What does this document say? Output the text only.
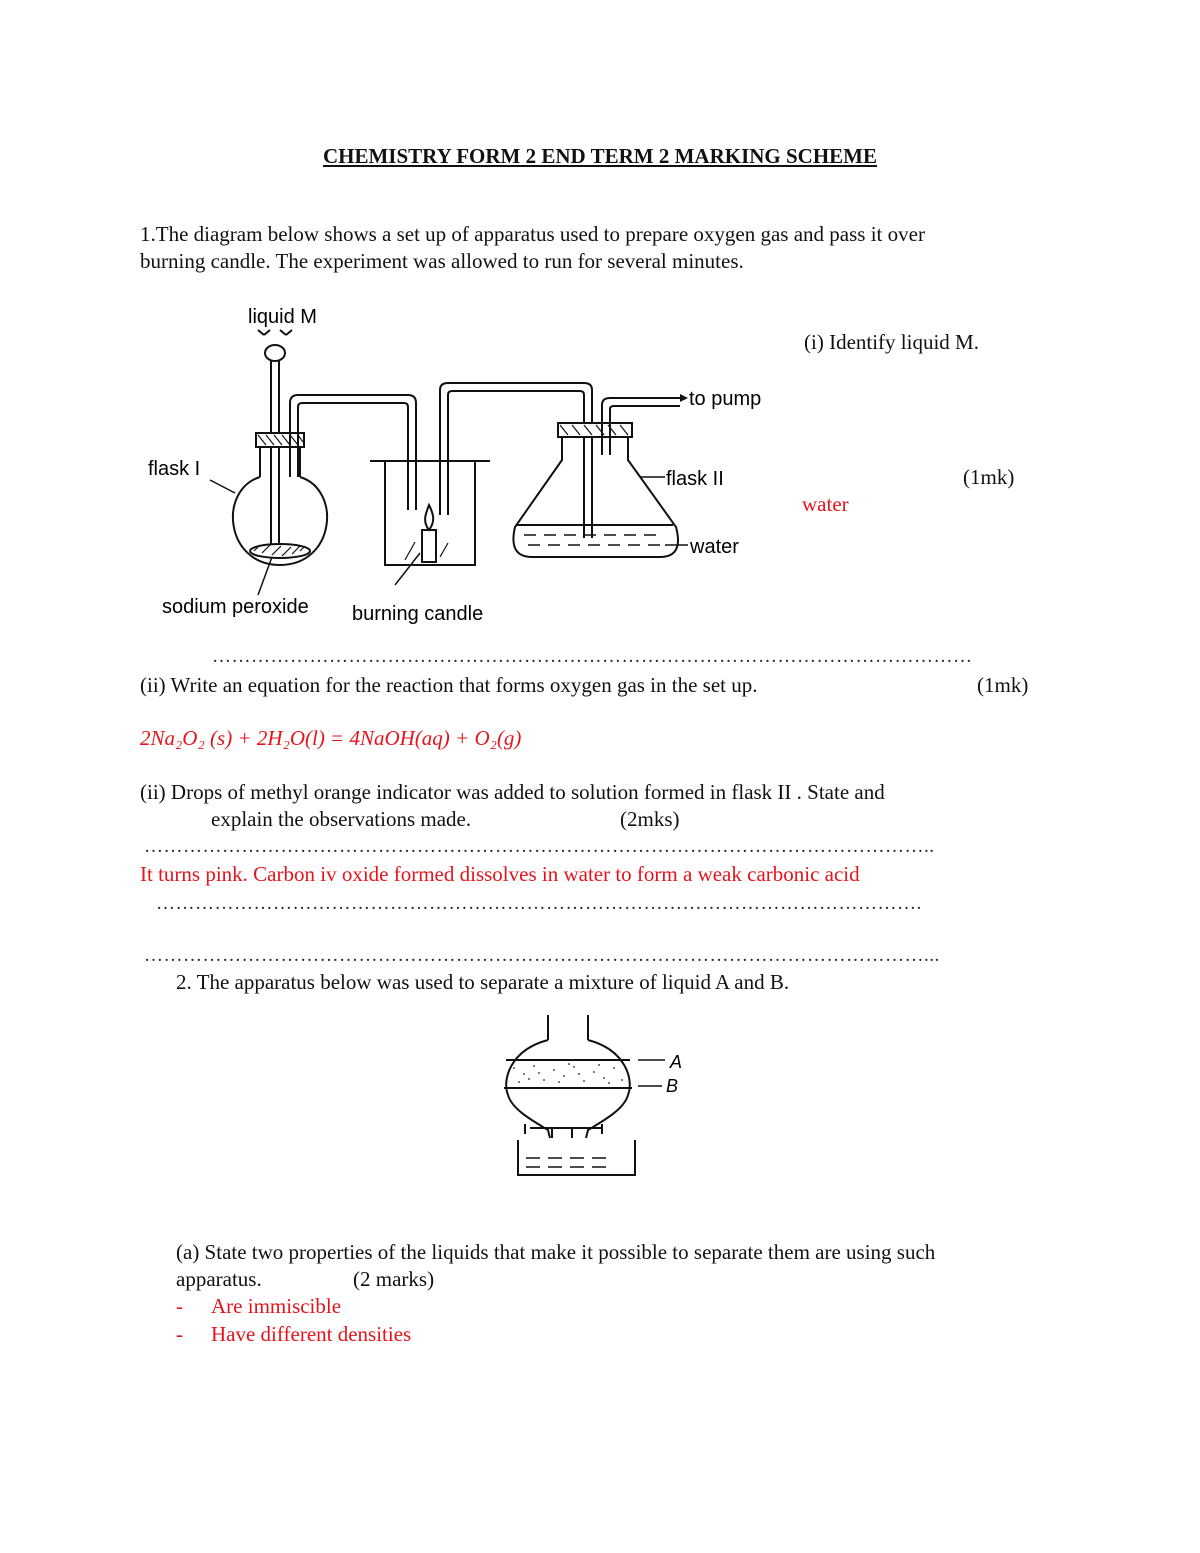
CHEMISTRY FORM 2 END TERM 2 MARKING SCHEME
1.The diagram below shows a set up of apparatus used to prepare oxygen gas and pass it over
burning candle. The experiment was allowed to run for several minutes.
liquid M
flask I
sodium peroxide burning candle
to pump
flask II
water
(i) Identify liquid M.
(1mk)
water
………………………………………………………………………………………………………
(ii) Write an equation for the reaction that forms oxygen gas in the set up.	(1mk)
2Na₂O₂ (s) + 2H₂O(l) = 4NaOH(aq) + O₂(g)
(ii) Drops of methyl orange indicator was added to solution formed in flask II . State and
explain the observations made.	(2mks)
…………………………………………………………………………………………………………..
It turns pink. Carbon iv oxide formed dissolves in water to form a weak carbonic acid
……………………………………………………………………………………………………….
…………………………………………………………………………………………………………...
2. The apparatus below was used to separate a mixture of liquid A and B.
A
B
(a) State two properties of the liquids that make it possible to separate them are using such
apparatus.	(2 marks)
- Are immiscible
- Have different densities
